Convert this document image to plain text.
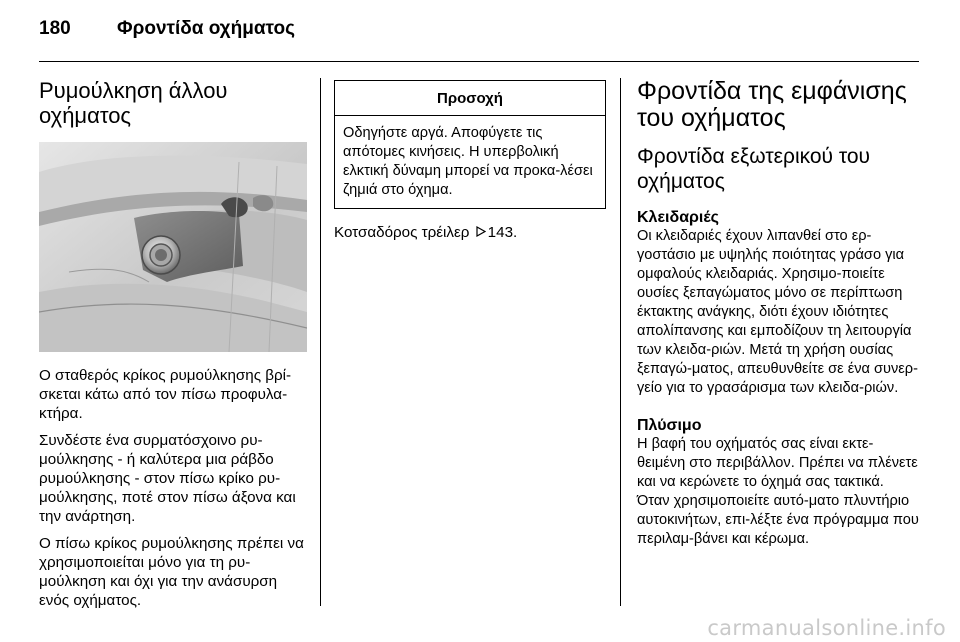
180 Φροντίδα οχήματος
Ρυμούλκηση άλλου οχήματος

Ο σταθερός κρίκος ρυμούλκησης βρί-σκεται κάτω από τον πίσω προφυλα-κτήρα.

Συνδέστε ένα συρματόσχοινο ρυ-μούλκησης - ή καλύτερα μια ράβδο ρυμούλκησης - στον πίσω κρίκο ρυ-μούλκησης, ποτέ στον πίσω άξονα και την ανάρτηση.

Ο πίσω κρίκος ρυμούλκησης πρέπει να χρησιμοποιείται μόνο για τη ρυ-μούλκηση και όχι για την ανάσυρση ενός οχήματος.

Προσοχή
Οδηγήστε αργά. Αποφύγετε τις απότομες κινήσεις. Η υπερβολική ελκτική δύναμη μπορεί να προκα-λέσει ζημιά στο όχημα.

Κοτσαδόρος τρέιλερ 143.

Φροντίδα της εμφάνισης του οχήματος
Φροντίδα εξωτερικού του οχήματος
Κλειδαριές

Οι κλειδαριές έχουν λιπανθεί στο ερ-γοστάσιο με υψηλής ποιότητας γράσο για ομφαλούς κλειδαριάς. Χρησιμο-ποιείτε ουσίες ξεπαγώματος μόνο σε περίπτωση έκτακτης ανάγκης, διότι έχουν ιδιότητες απολίπανσης και εμποδίζουν τη λειτουργία των κλειδα-ριών. Μετά τη χρήση ουσίας ξεπαγώ-ματος, απευθυνθείτε σε ένα συνερ-γείο για το γρασάρισμα των κλειδα-ριών.

Πλύσιμο

Η βαφή του οχήματός σας είναι εκτε-θειμένη στο περιβάλλον. Πρέπει να πλένετε και να κερώνετε το όχημά σας τακτικά. Όταν χρησιμοποιείτε αυτό-ματο πλυντήριο αυτοκινήτων, επι-λέξτε ένα πρόγραμμα που περιλαμ-βάνει και κέρωμα.

carmanualsonline.info
